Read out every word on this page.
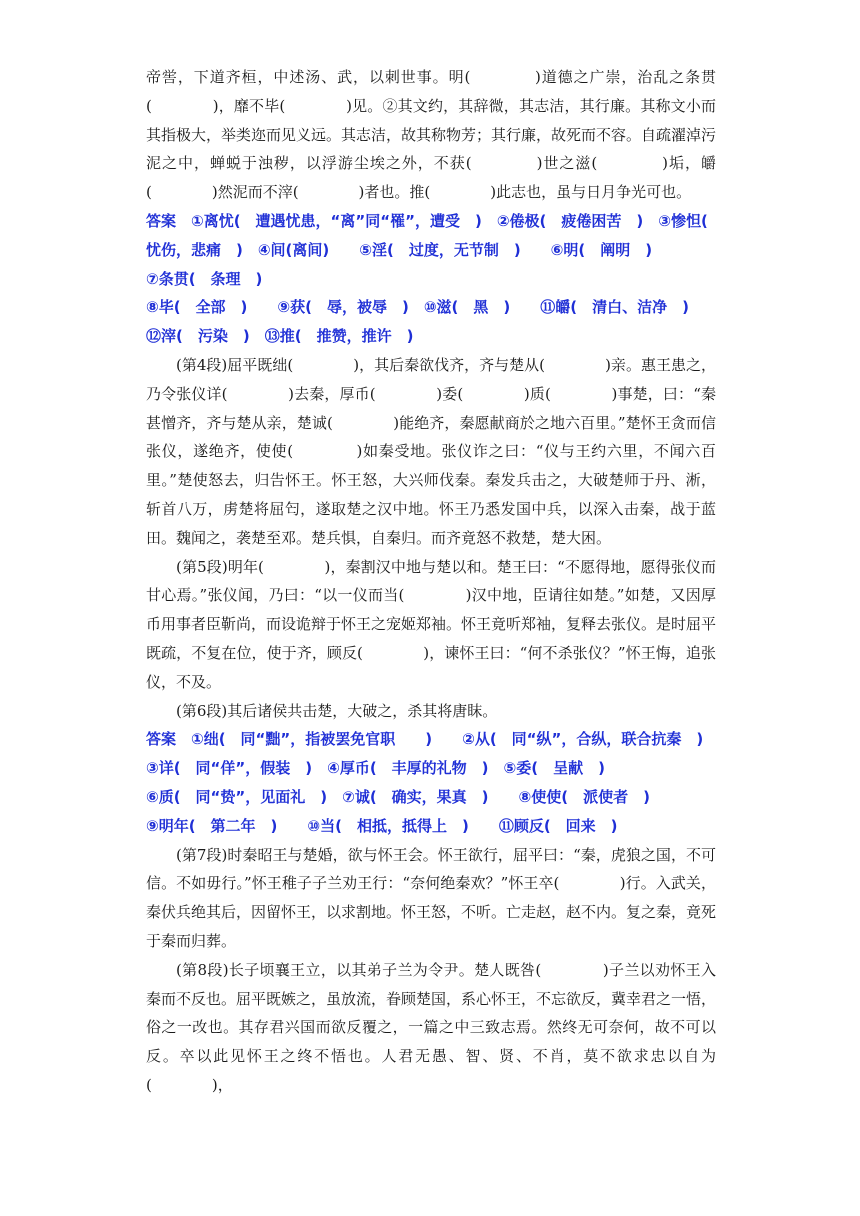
帝喾，下道齐桓，中述汤、武，以刺世事。明(　　　　)道德之广崇，治乱之条贯(　　　　)，靡不毕(　　　　)见。②其文约，其辞微，其志洁，其行廉。其称文小而其指极大，举类迩而见义远。其志洁，故其称物芳；其行廉，故死而不容。自疏濯淖污泥之中，蝉蜕于浊秽，以浮游尘埃之外，不获(　　　　)世之滋(　　　　)垢，皭(　　　　)然泥而不滓(　　　　)者也。推(　　　　)此志也，虽与日月争光可也。

答案　①离忧(　遭遇忧患，“离”同“罹”，遭受　)　②倦极(　疲倦困苦　)　③惨怛(　忧伤，悲痛　)　④间(离间)　　⑤淫(　过度，无节制　)　　⑥明(　阐明　)

⑦条贯(　条理　)

⑧毕(　全部　)　　⑨获(　辱，被辱　)　⑩滋(　黑　)　　⑪皭(　清白、洁净　)

⑫滓(　污染　)　⑬推(　推赞，推许　)

(第4段)屈平既绌(　　　　)，其后秦欲伐齐，齐与楚从(　　　　)亲。惠王患之，乃令张仪详(　　　　)去秦，厚币(　　　　)委(　　　　)质(　　　　)事楚，曰：“秦甚憎齐，齐与楚从亲，楚诚(　　　　)能绝齐，秦愿献商於之地六百里。”楚怀王贪而信张仪，遂绝齐，使使(　　　　)如秦受地。张仪诈之曰：“仪与王约六里，不闻六百里。”楚使怒去，归告怀王。怀王怒，大兴师伐秦。秦发兵击之，大破楚师于丹、淅，斩首八万，虏楚将屈匄，遂取楚之汉中地。怀王乃悉发国中兵，以深入击秦，战于蓝田。魏闻之，袭楚至邓。楚兵惧，自秦归。而齐竟怒不救楚，楚大困。

(第5段)明年(　　　　)，秦割汉中地与楚以和。楚王曰：“不愿得地，愿得张仪而甘心焉。”张仪闻，乃曰：“以一仪而当(　　　　)汉中地，臣请往如楚。”如楚，又因厚币用事者臣靳尚，而设诡辩于怀王之宠姬郑袖。怀王竟听郑袖，复释去张仪。是时屈平既疏，不复在位，使于齐，顾反(　　　　)，谏怀王曰：“何不杀张仪？”怀王悔，追张仪，不及。

(第6段)其后诸侯共击楚，大破之，杀其将唐眜。

答案　①绌(　同“黜”，指被罢免官职　　)　　②从(　同“纵”，合纵，联合抗秦　)

③详(　同“佯”，假装　)　④厚币(　丰厚的礼物　)　⑤委(　呈献　)

⑥质(　同“贽”，见面礼　)　⑦诚(　确实，果真　)　　⑧使使(　派使者　)

⑨明年(　第二年　)　　⑩当(　相抵，抵得上　)　　⑪顾反(　回来　)

(第7段)时秦昭王与楚婚，欲与怀王会。怀王欲行，屈平曰：“秦，虎狼之国，不可信。不如毋行。”怀王稚子子兰劝王行：“奈何绝秦欢？”怀王卒(　　　　)行。入武关，秦伏兵绝其后，因留怀王，以求割地。怀王怒，不听。亡走赵，赵不内。复之秦，竟死于秦而归葬。

(第8段)长子顷襄王立，以其弟子兰为令尹。楚人既咎(　　　　)子兰以劝怀王入秦而不反也。屈平既嫉之，虽放流，眷顾楚国，系心怀王，不忘欲反，冀幸君之一悟，俗之一改也。其存君兴国而欲反覆之，一篇之中三致志焉。然终无可奈何，故不可以反。卒以此见怀王之终不悟也。人君无愚、智、贤、不肖，莫不欲求忠以自为(　　　　)，
